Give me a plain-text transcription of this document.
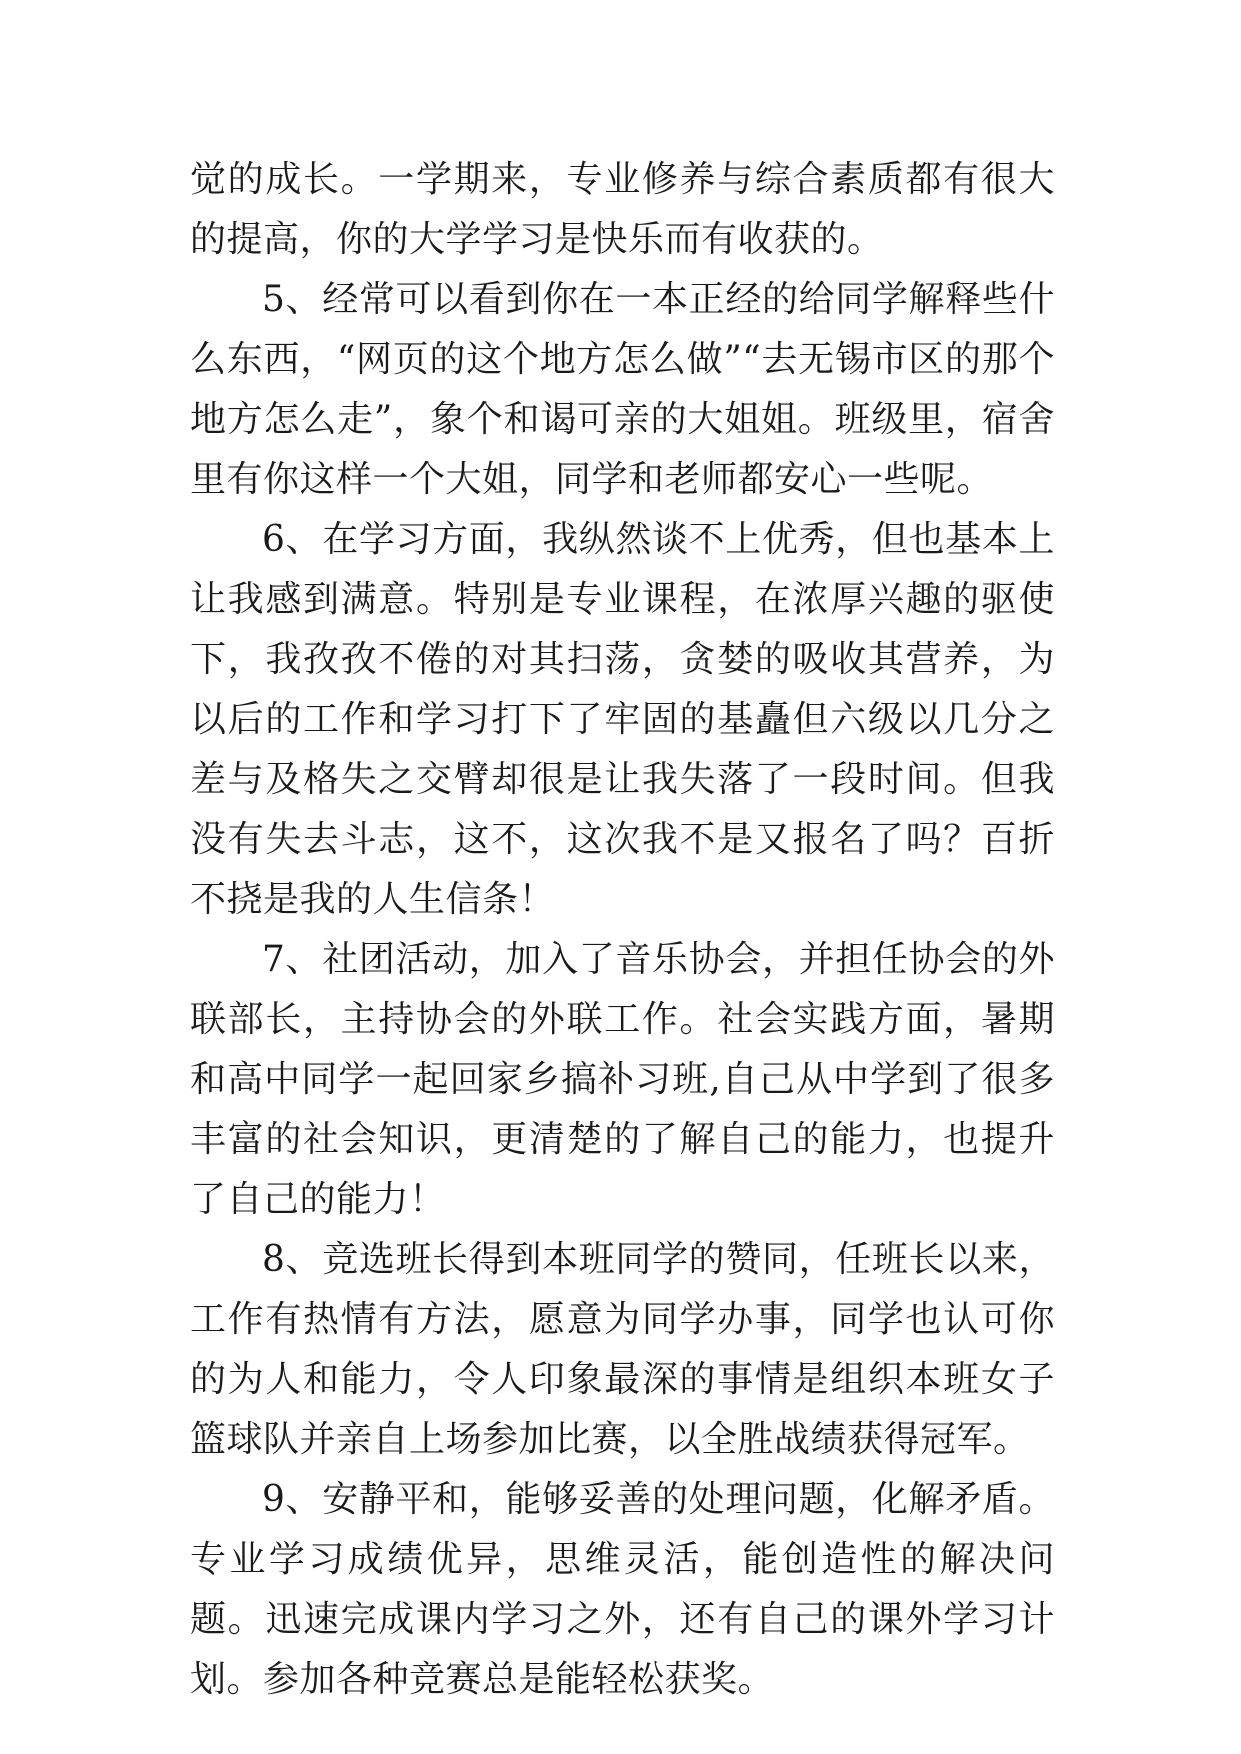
觉的成长。一学期来，专业修养与综合素质都有很大的提高，你的大学学习是快乐而有收获的。

5、经常可以看到你在一本正经的给同学解释些什么东西，“网页的这个地方怎么做”“去无锡市区的那个地方怎么走”，象个和谒可亲的大姐姐。班级里，宿舍里有你这样一个大姐，同学和老师都安心一些呢。

6、在学习方面，我纵然谈不上优秀，但也基本上让我感到满意。特别是专业课程，在浓厚兴趣的驱使下，我孜孜不倦的对其扫荡，贪婪的吸收其营养，为以后的工作和学习打下了牢固的基矗但六级以几分之差与及格失之交臂却很是让我失落了一段时间。但我没有失去斗志，这不，这次我不是又报名了吗？百折不挠是我的人生信条！

7、社团活动，加入了音乐协会，并担任协会的外联部长，主持协会的外联工作。社会实践方面，暑期和高中同学一起回家乡搞补习班,自己从中学到了很多丰富的社会知识，更清楚的了解自己的能力，也提升了自己的能力！

8、竞选班长得到本班同学的赞同，任班长以来，工作有热情有方法，愿意为同学办事，同学也认可你的为人和能力，令人印象最深的事情是组织本班女子篮球队并亲自上场参加比赛，以全胜战绩获得冠军。

9、安静平和，能够妥善的处理问题，化解矛盾。专业学习成绩优异，思维灵活，能创造性的解决问题。迅速完成课内学习之外，还有自己的课外学习计划。参加各种竞赛总是能轻松获奖。
